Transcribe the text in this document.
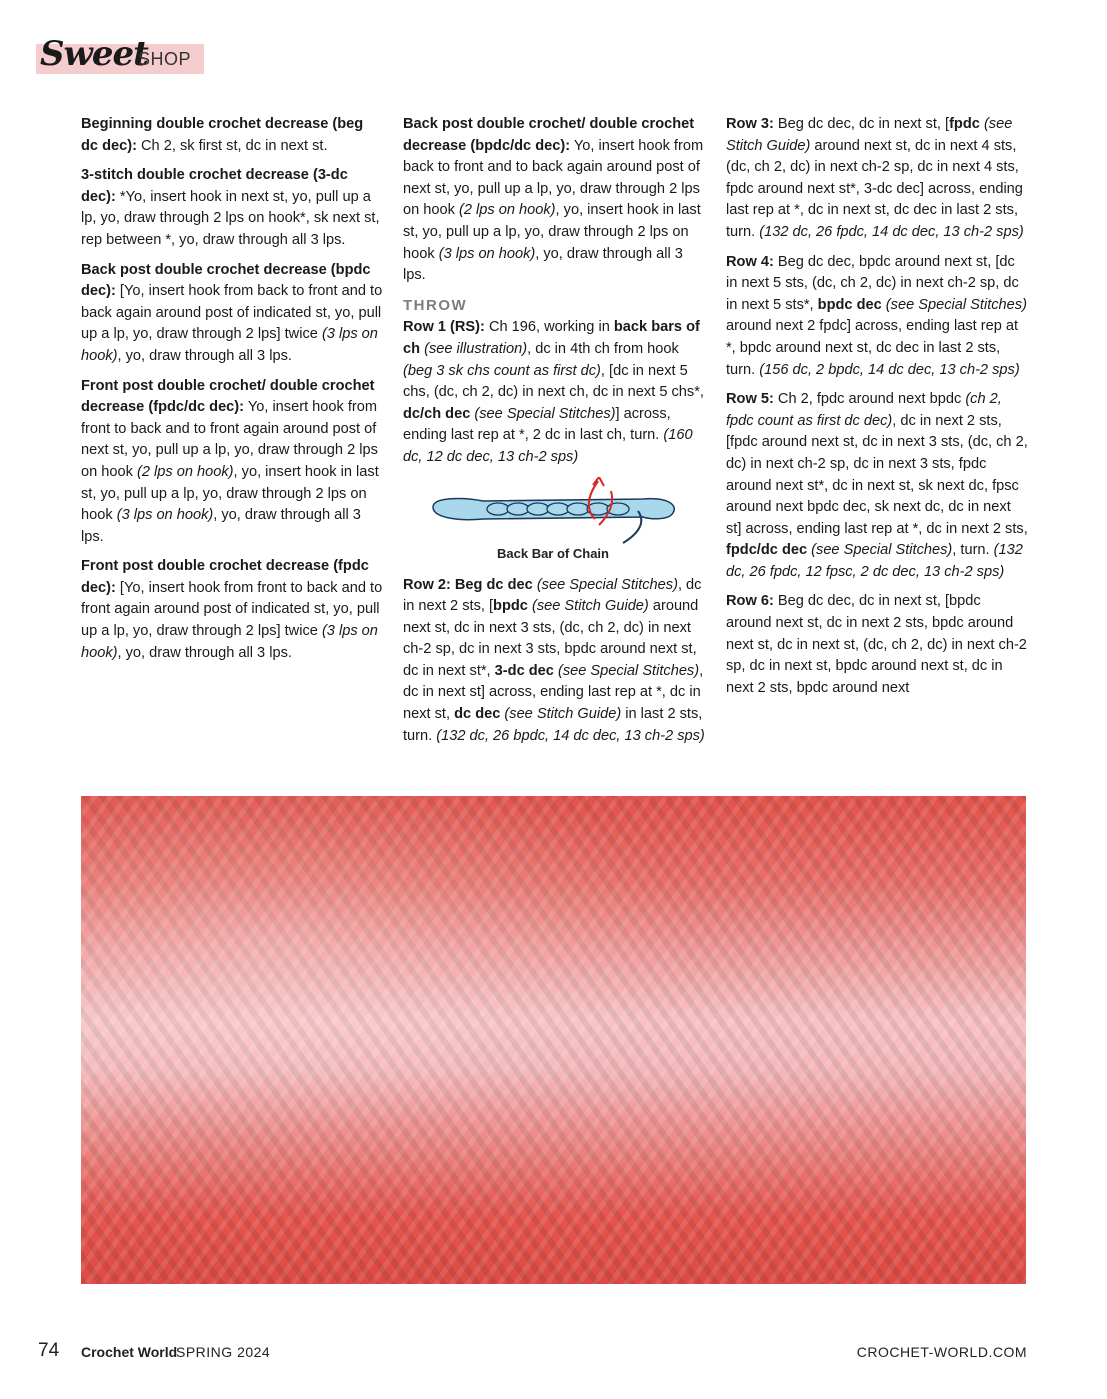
Sweet
SHOP

Beginning double crochet decrease (beg dc dec): Ch 2, sk first st, dc in next st.

3-stitch double crochet decrease (3-dc dec): *Yo, insert hook in next st, yo, pull up a lp, yo, draw through 2 lps on hook*, sk next st, rep between *, yo, draw through all 3 lps.

Back post double crochet decrease (bpdc dec): [Yo, insert hook from back to front and to back again around post of indicated st, yo, pull up a lp, yo, draw through 2 lps] twice (3 lps on hook), yo, draw through all 3 lps.

Front post double crochet/ double crochet decrease (fpdc/dc dec): Yo, insert hook from front to back and to front again around post of next st, yo, pull up a lp, yo, draw through 2 lps on hook (2 lps on hook), yo, insert hook in last st, yo, pull up a lp, yo, draw through 2 lps on hook (3 lps on hook), yo, draw through all 3 lps.

Front post double crochet decrease (fpdc dec): [Yo, insert hook from front to back and to front again around post of indicated st, yo, pull up a lp, yo, draw through 2 lps] twice (3 lps on hook), yo, draw through all 3 lps.

Back post double crochet/ double crochet decrease (bpdc/dc dec): Yo, insert hook from back to front and to back again around post of next st, yo, pull up a lp, yo, draw through 2 lps on hook (2 lps on hook), yo, insert hook in last st, yo, pull up a lp, yo, draw through 2 lps on hook (3 lps on hook), yo, draw through all 3 lps.

THROW

Row 1 (RS): Ch 196, working in back bars of ch (see illustration), dc in 4th ch from hook (beg 3 sk chs count as first dc), [dc in next 5 chs, (dc, ch 2, dc) in next ch, dc in next 5 chs*, dc/ch dec (see Special Stitches)] across, ending last rep at *, 2 dc in last ch, turn. (160 dc, 12 dc dec, 13 ch-2 sps)

Back Bar of Chain

Row 2: Beg dc dec (see Special Stitches), dc in next 2 sts, [bpdc (see Stitch Guide) around next st, dc in next 3 sts, (dc, ch 2, dc) in next ch-2 sp, dc in next 3 sts, bpdc around next st, dc in next st*, 3-dc dec (see Special Stitches), dc in next st] across, ending last rep at *, dc in next st, dc dec (see Stitch Guide) in last 2 sts, turn. (132 dc, 26 bpdc, 14 dc dec, 13 ch-2 sps)

Row 3: Beg dc dec, dc in next st, [fpdc (see Stitch Guide) around next st, dc in next 4 sts, (dc, ch 2, dc) in next ch-2 sp, dc in next 4 sts, fpdc around next st*, 3-dc dec] across, ending last rep at *, dc in next st, dc dec in last 2 sts, turn. (132 dc, 26 fpdc, 14 dc dec, 13 ch-2 sps)

Row 4: Beg dc dec, bpdc around next st, [dc in next 5 sts, (dc, ch 2, dc) in next ch-2 sp, dc in next 5 sts*, bpdc dec (see Special Stitches) around next 2 fpdc] across, ending last rep at *, bpdc around next st, dc dec in last 2 sts, turn. (156 dc, 2 bpdc, 14 dc dec, 13 ch-2 sps)

Row 5: Ch 2, fpdc around next bpdc (ch 2, fpdc count as first dc dec), dc in next 2 sts, [fpdc around next st, dc in next 3 sts, (dc, ch 2, dc) in next ch-2 sp, dc in next 3 sts, fpdc around next st*, dc in next st, sk next dc, fpsc around next bpdc dec, sk next dc, dc in next st] across, ending last rep at *, dc in next 2 sts, fpdc/dc dec (see Special Stitches), turn. (132 dc, 26 fpdc, 12 fpsc, 2 dc dec, 13 ch-2 sps)

Row 6: Beg dc dec, dc in next st, [bpdc around next st, dc in next 2 sts, bpdc around next st, dc in next st, (dc, ch 2, dc) in next ch-2 sp, dc in next st, bpdc around next st, dc in next 2 sts, bpdc around next

74 Crochet World
SPRING 2024	CROCHET-WORLD.COM
